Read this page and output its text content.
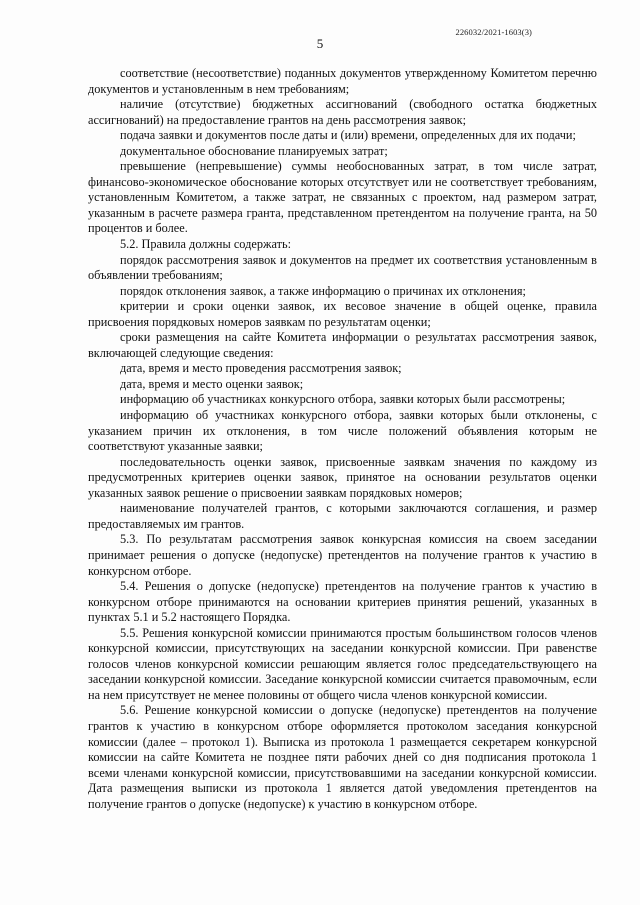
226032/2021-1603(3)
5

соответствие (несоответствие) поданных документов утвержденному Комитетом перечню документов и установленным в нем требованиям;

наличие (отсутствие) бюджетных ассигнований (свободного остатка бюджетных ассигнований) на предоставление грантов на день рассмотрения заявок;

подача заявки и документов после даты и (или) времени, определенных для их подачи;

документальное обоснование планируемых затрат;

превышение (непревышение) суммы необоснованных затрат, в том числе затрат, финансово-экономическое обоснование которых отсутствует или не соответствует требованиям, установленным Комитетом, а также затрат, не связанных с проектом, над размером затрат, указанным в расчете размера гранта, представленном претендентом на получение гранта, на 50 процентов и более.

5.2. Правила должны содержать:

порядок рассмотрения заявок и документов на предмет их соответствия установленным в объявлении требованиям;

порядок отклонения заявок, а также информацию о причинах их отклонения;

критерии и сроки оценки заявок, их весовое значение в общей оценке, правила присвоения порядковых номеров заявкам по результатам оценки;

сроки размещения на сайте Комитета информации о результатах рассмотрения заявок, включающей следующие сведения:

дата, время и место проведения рассмотрения заявок;

дата, время и место оценки заявок;

информацию об участниках конкурсного отбора, заявки которых были рассмотрены;

информацию об участниках конкурсного отбора, заявки которых были отклонены, с указанием причин их отклонения, в том числе положений объявления которым не соответствуют указанные заявки;

последовательность оценки заявок, присвоенные заявкам значения по каждому из предусмотренных критериев оценки заявок, принятое на основании результатов оценки указанных заявок решение о присвоении заявкам порядковых номеров;

наименование получателей грантов, с которыми заключаются соглашения, и размер предоставляемых им грантов.

5.3. По результатам рассмотрения заявок конкурсная комиссия на своем заседании принимает решения о допуске (недопуске) претендентов на получение грантов к участию в конкурсном отборе.

5.4. Решения о допуске (недопуске) претендентов на получение грантов к участию в конкурсном отборе принимаются на основании критериев принятия решений, указанных в пунктах 5.1 и 5.2 настоящего Порядка.

5.5. Решения конкурсной комиссии принимаются простым большинством голосов членов конкурсной комиссии, присутствующих на заседании конкурсной комиссии. При равенстве голосов членов конкурсной комиссии решающим является голос председательствующего на заседании конкурсной комиссии. Заседание конкурсной комиссии считается правомочным, если на нем присутствует не менее половины от общего числа членов конкурсной комиссии.

5.6. Решение конкурсной комиссии о допуске (недопуске) претендентов на получение грантов к участию в конкурсном отборе оформляется протоколом заседания конкурсной комиссии (далее – протокол 1). Выписка из протокола 1 размещается секретарем конкурсной комиссии на сайте Комитета не позднее пяти рабочих дней со дня подписания протокола 1 всеми членами конкурсной комиссии, присутствовавшими на заседании конкурсной комиссии. Дата размещения выписки из протокола 1 является датой уведомления претендентов на получение грантов о допуске (недопуске) к участию в конкурсном отборе.
